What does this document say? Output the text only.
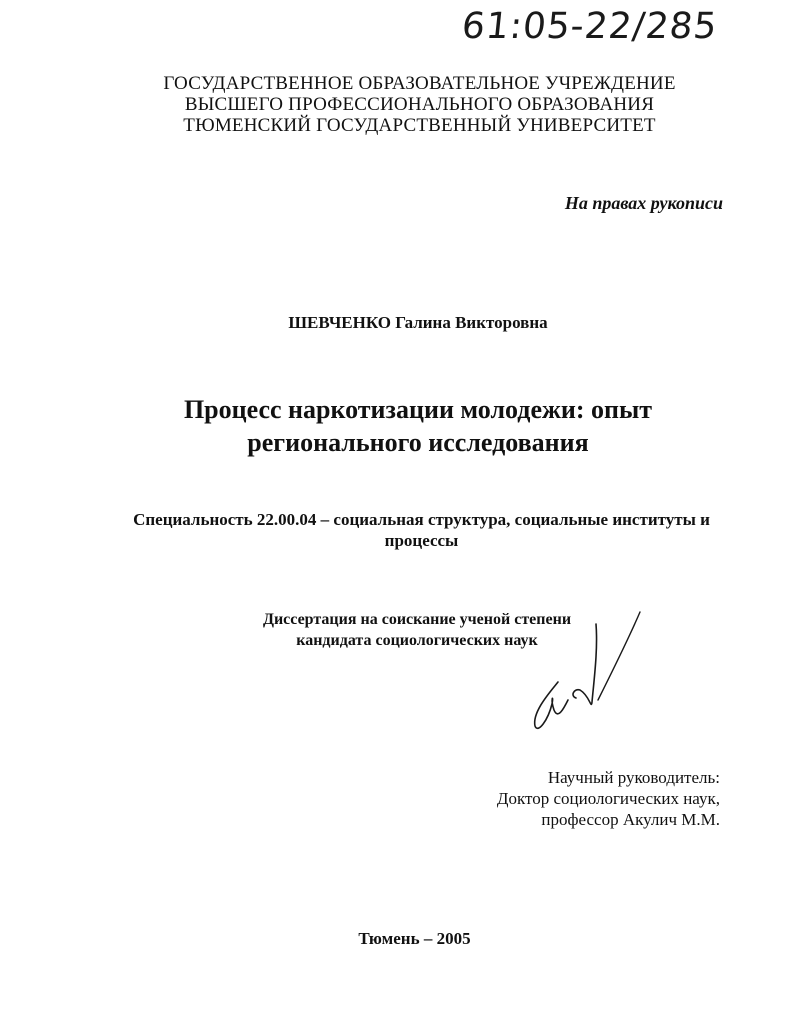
61:05-22/285
ГОСУДАРСТВЕННОЕ ОБРАЗОВАТЕЛЬНОЕ УЧРЕЖДЕНИЕ
ВЫСШЕГО ПРОФЕССИОНАЛЬНОГО ОБРАЗОВАНИЯ
ТЮМЕНСКИЙ ГОСУДАРСТВЕННЫЙ УНИВЕРСИТЕТ
На правах рукописи
ШЕВЧЕНКО Галина Викторовна
Процесс наркотизации молодежи: опыт
регионального исследования
Специальность 22.00.04 – социальная структура, социальные институты и
процессы
Диссертация на соискание ученой степени
кандидата социологических наук
Научный руководитель:
Доктор социологических наук,
профессор Акулич М.М.
Тюмень – 2005
